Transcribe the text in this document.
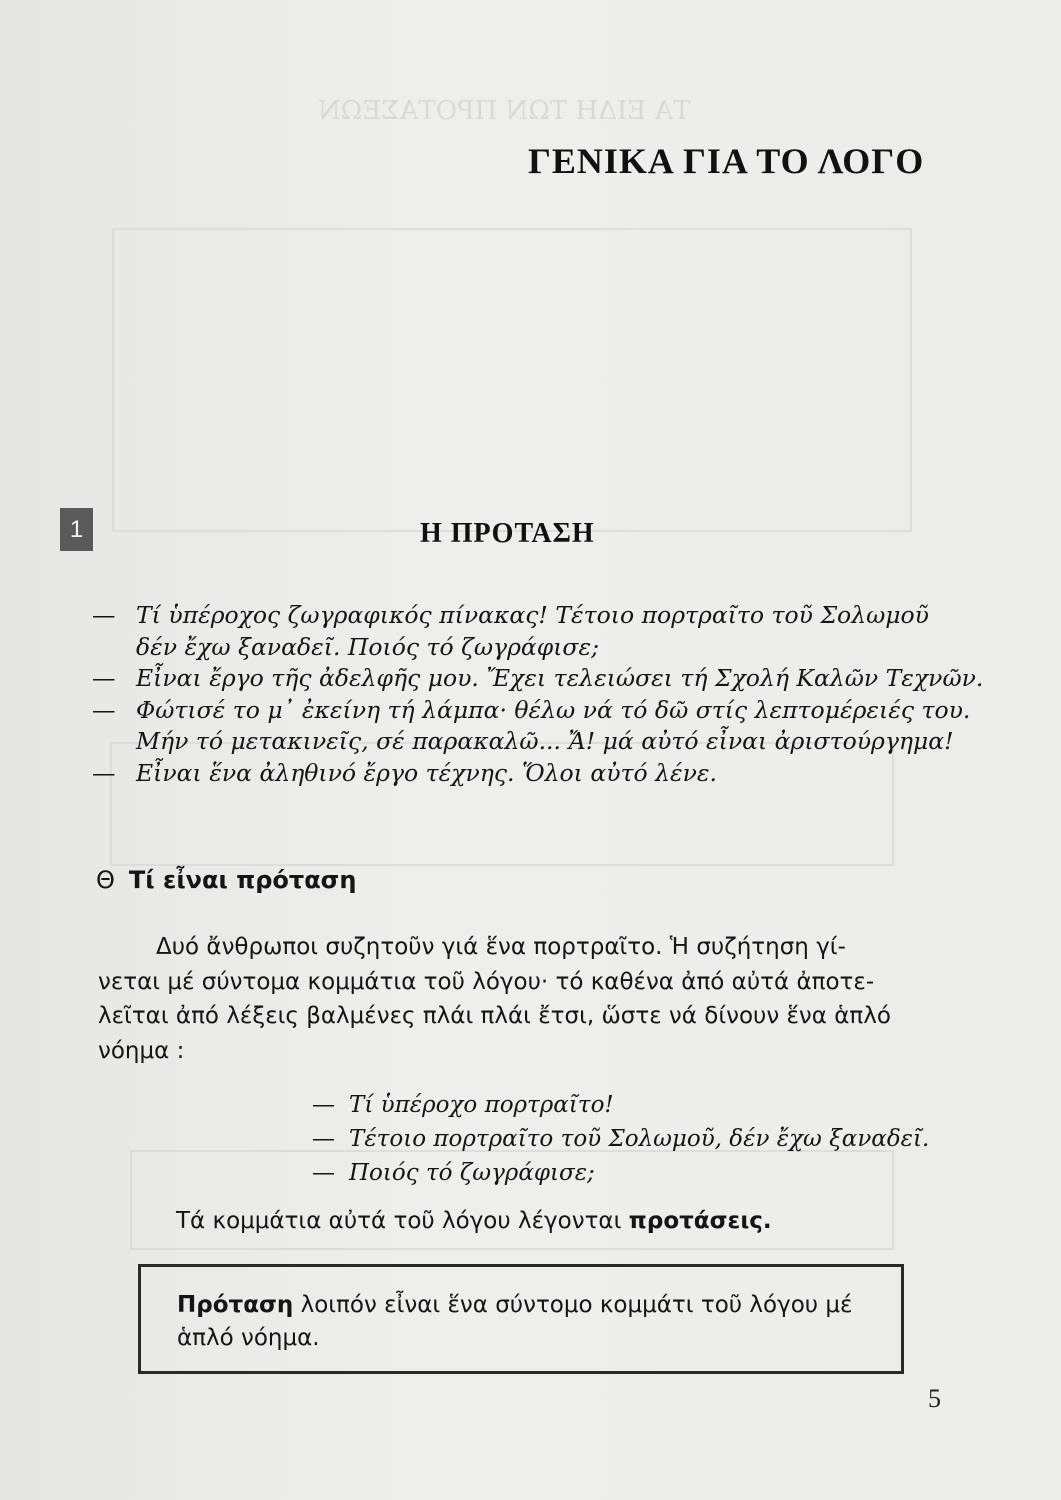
ΤΑ ΕΙΔΗ ΤΩΝ ΠΡΟΤΑΣΕΩΝ
ΓΕΝΙΚΑ ΓΙΑ ΤΟ ΛΟΓΟ
1	Η ΠΡΟΤΑΣΗ
— Τί ὑπέροχος ζωγραφικός πίνακας! Τέτοιο πορτραῖτο τοῦ Σολωμοῦ
δέν ἔχω ξαναδεῖ. Ποιός τό ζωγράφισε;
— Εἶναι ἔργο τῆς ἀδελφῆς μου. Ἔχει τελειώσει τή Σχολή Καλῶν Τεχνῶν.
— Φώτισέ το μ᾽ ἐκείνη τή λάμπα· θέλω νά τό δῶ στίς λεπτομέρειές του.
Μήν τό μετακινεῖς, σέ παρακαλῶ... Ἄ! μά αὐτό εἶναι ἀριστούργημα!
— Εἶναι ἕνα ἀληθινό ἔργο τέχνης. Ὅλοι αὐτό λένε.
Θ Τί εἶναι πρόταση
Δυό ἄνθρωποι συζητοῦν γιά ἕνα πορτραῖτο. Ἡ συζήτηση γί-
νεται μέ σύντομα κομμάτια τοῦ λόγου· τό καθένα ἀπό αὐτά ἀποτε-
λεῖται ἀπό λέξεις βαλμένες πλάι πλάι ἔτσι, ὥστε νά δίνουν ἕνα ἁπλό
νόημα :
— Τί ὑπέροχο πορτραῖτο!
— Τέτοιο πορτραῖτο τοῦ Σολωμοῦ, δέν ἔχω ξαναδεῖ.
— Ποιός τό ζωγράφισε;
Τά κομμάτια αὐτά τοῦ λόγου λέγονται προτάσεις.
Πρόταση λοιπόν εἶναι ἕνα σύντομο κομμάτι τοῦ λόγου μέ
ἁπλό νόημα.
5
